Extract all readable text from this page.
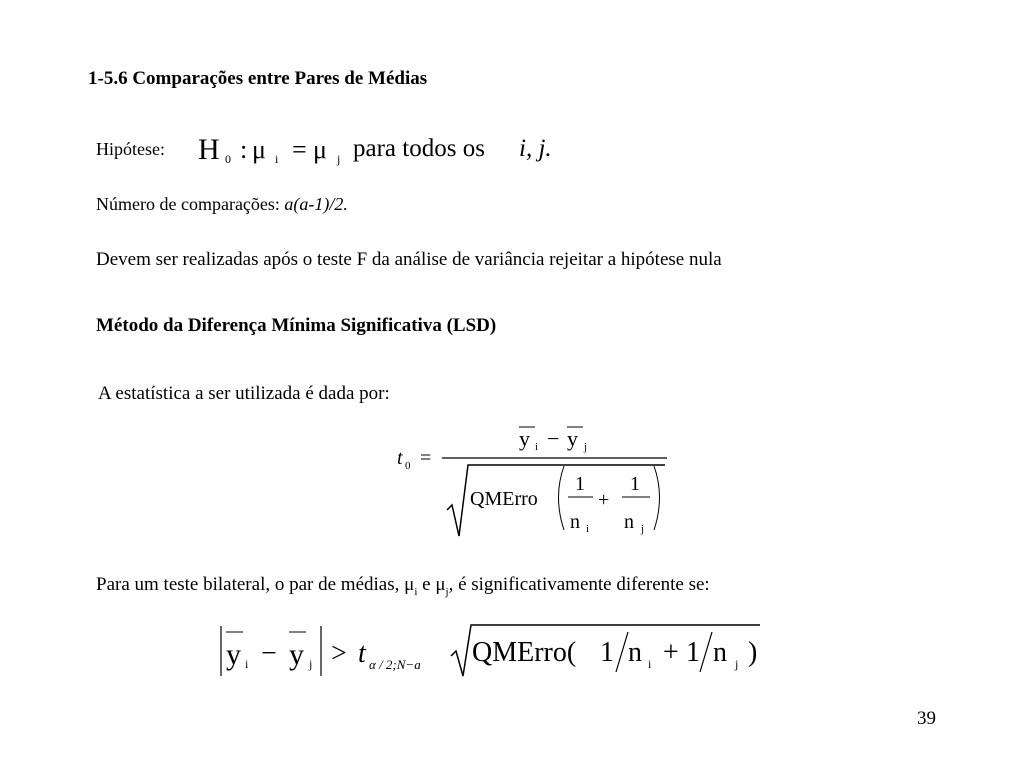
1-5.6 Comparações entre Pares de Médias
Hipótese: H 0 : μ i = μ j para todos os i, j.
Número de comparações: a(a-1)/2.
Devem ser realizadas após o teste F da análise de variância rejeitar a hipótese nula
Método da Diferença Mínima Significativa (LSD)
A estatística a ser utilizada é dada por:
t 0 =
y i − y j
QMErro
1
n i
+
1
n j
Para um teste bilateral, o par de médias, $\mu_i$ e $\mu_j$, é significativamente diferente se:
y i − y j > t α / 2;N−a QMErro( 1 n i + 1 n j )
39
